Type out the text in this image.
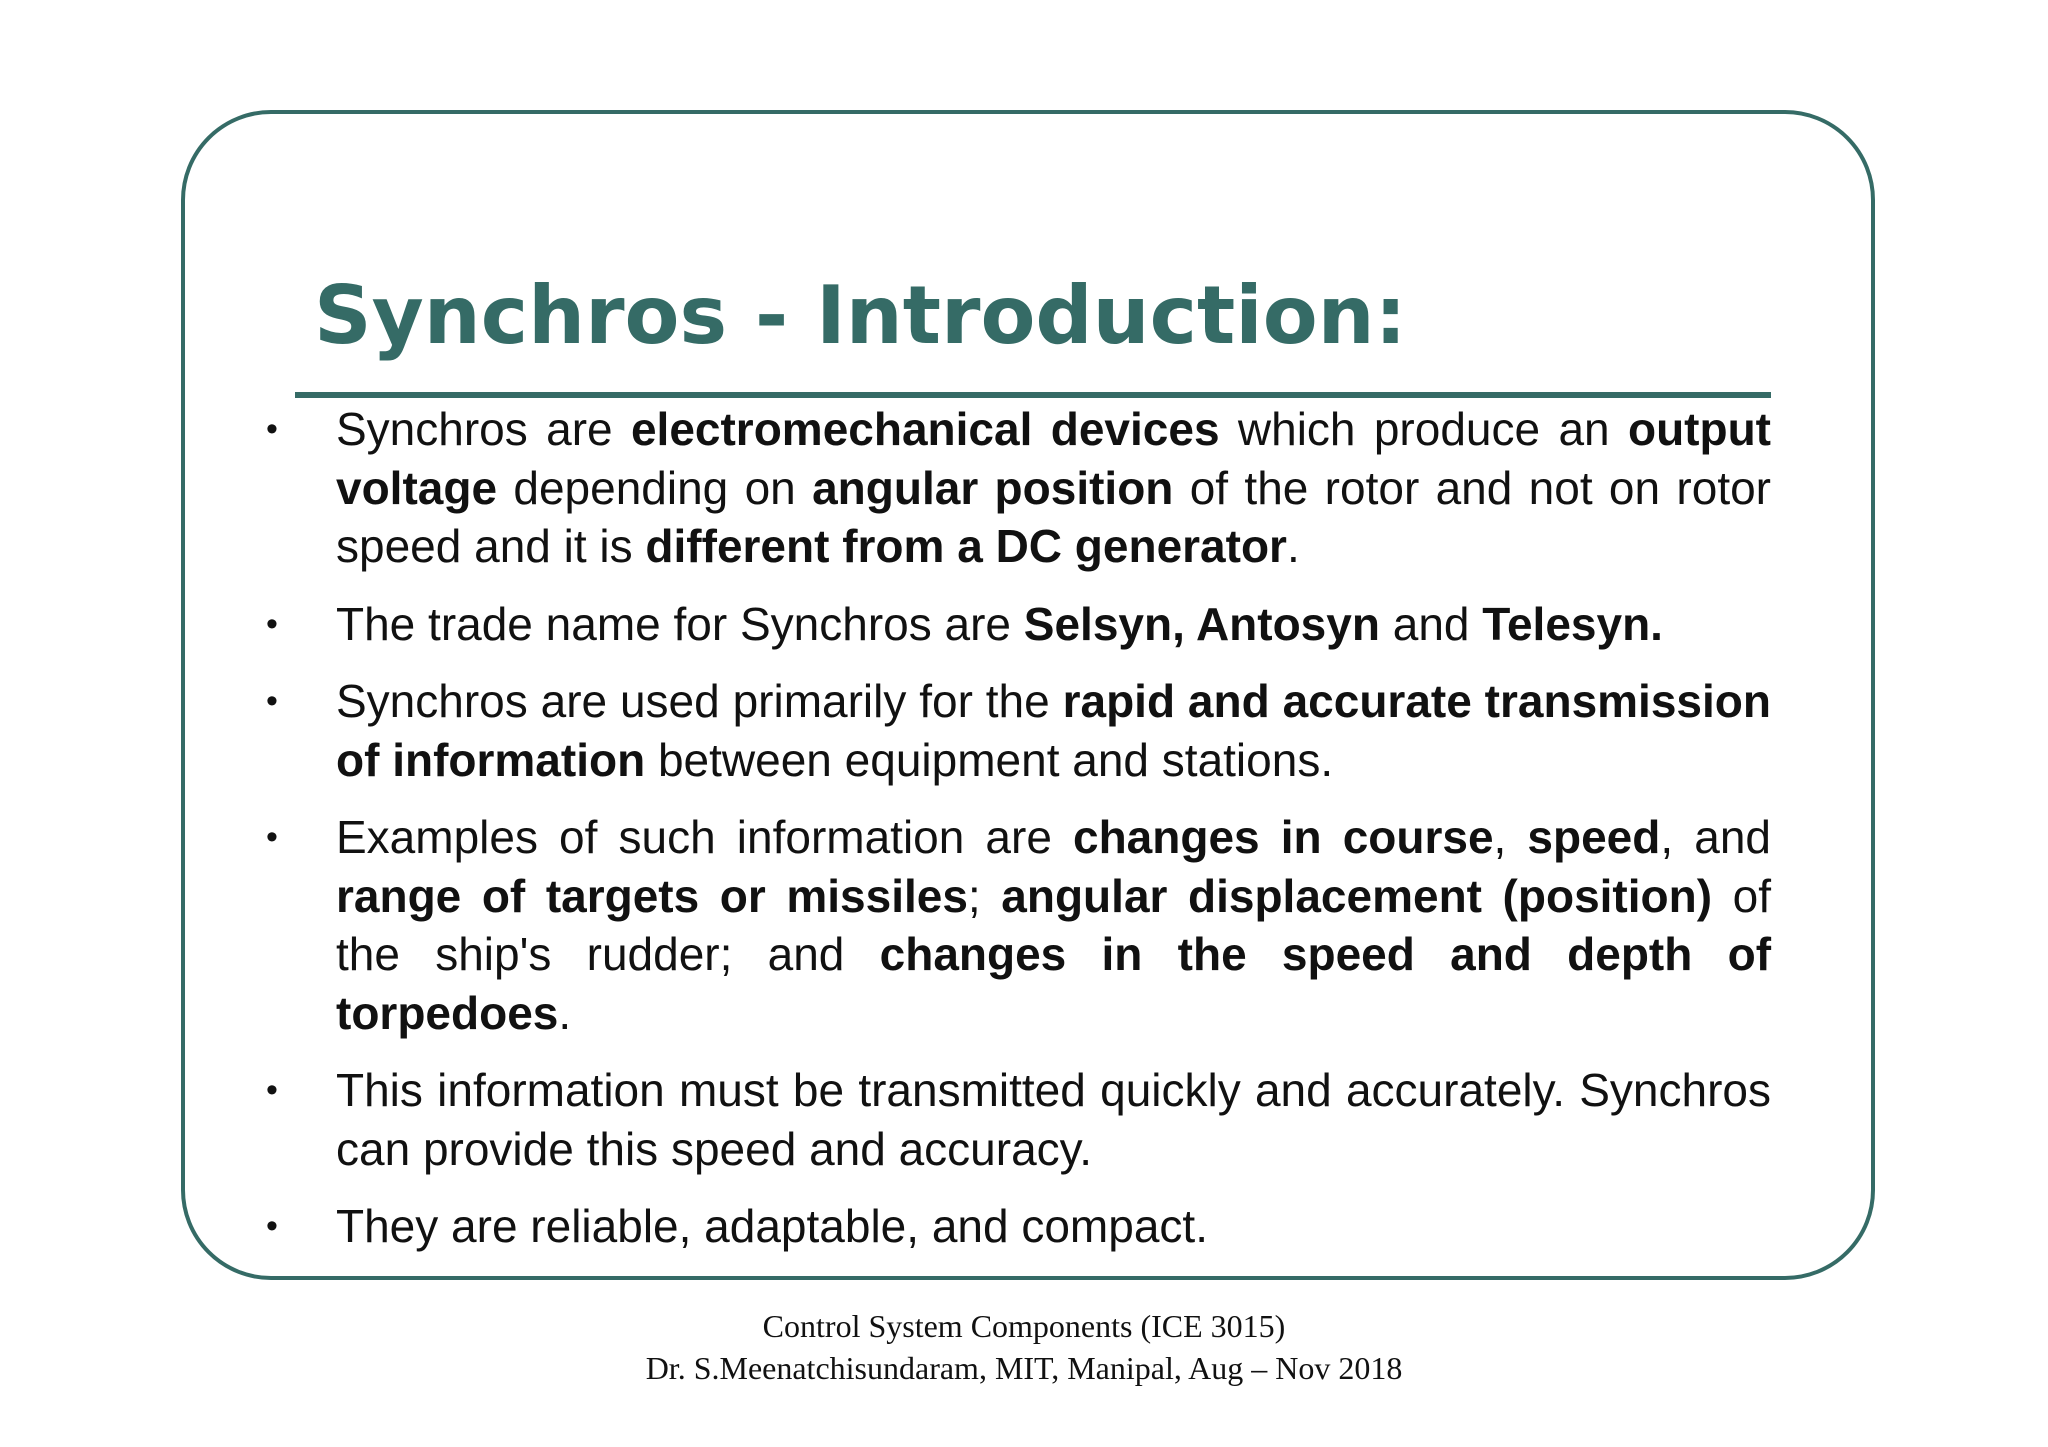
Synchros - Introduction:
• Synchros are electromechanical devices which produce an output voltage depending on angular position of the rotor and not on rotor speed and it is different from a DC generator.
• The trade name for Synchros are Selsyn, Antosyn and Telesyn.
• Synchros are used primarily for the rapid and accurate transmission of information between equipment and stations.
• Examples of such information are changes in course, speed, and range of targets or missiles; angular displacement (position) of the ship's rudder; and changes in the speed and depth of torpedoes.
• This information must be transmitted quickly and accurately. Synchros can provide this speed and accuracy.
• They are reliable, adaptable, and compact.
Control System Components (ICE 3015)
Dr. S.Meenatchisundaram, MIT, Manipal, Aug – Nov 2018
